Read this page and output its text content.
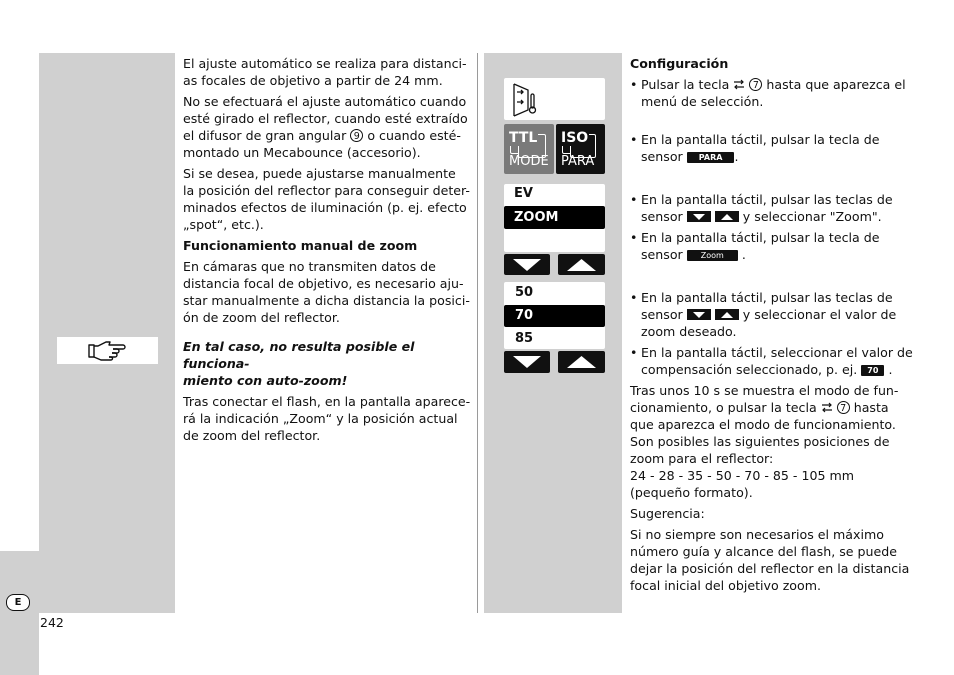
El ajuste automático se realiza para distanci-
as focales de objetivo a partir de 24 mm.

No se efectuará el ajuste automático cuando
esté girado el reflector, cuando esté extraído
el difusor de gran angular 9 o cuando esté-
montado un Mecabounce (accesorio).

Si se desea, puede ajustarse manualmente
la posición del reflector para conseguir deter-
minados efectos de iluminación (p. ej. efecto
„spot“, etc.).

Funcionamiento manual de zoom

En cámaras que no transmiten datos de
distancia focal de objetivo, es necesario aju-
star manualmente a dicha distancia la posici-
ón de zoom del reflector.

En tal caso, no resulta posible el funciona-
miento con auto-zoom!

Tras conectar el flash, en la pantalla aparece-
rá la indicación „Zoom“ y la posición actual
de zoom del reflector.

TTL
MODE
ISO
PARA
EV
ZOOM
50
70
85

Configuración

• Pulsar la tecla 7 hasta que aparezca el
menú de selección.

• En la pantalla táctil, pulsar la tecla de
sensor PARA .

• En la pantalla táctil, pulsar las teclas de
sensor
	y seleccionar "Zoom".

• En la pantalla táctil, pulsar la tecla de
sensor Zoom .

• En la pantalla táctil, pulsar las teclas de
sensor
	y seleccionar el valor de
zoom deseado.

• En la pantalla táctil, seleccionar el valor de
compensación seleccionado, p. ej. 70 .

Tras unos 10 s se muestra el modo de fun-
cionamiento, o pulsar la tecla 7 hasta
que aparezca el modo de funcionamiento.
Son posibles las siguientes posiciones de
zoom para el reflector:
24 - 28 - 35 - 50 - 70 - 85 - 105 mm
(pequeño formato).

Sugerencia:

Si no siempre son necesarios el máximo
número guía y alcance del flash, se puede
dejar la posición del reflector en la distancia
focal inicial del objetivo zoom.

E
242
